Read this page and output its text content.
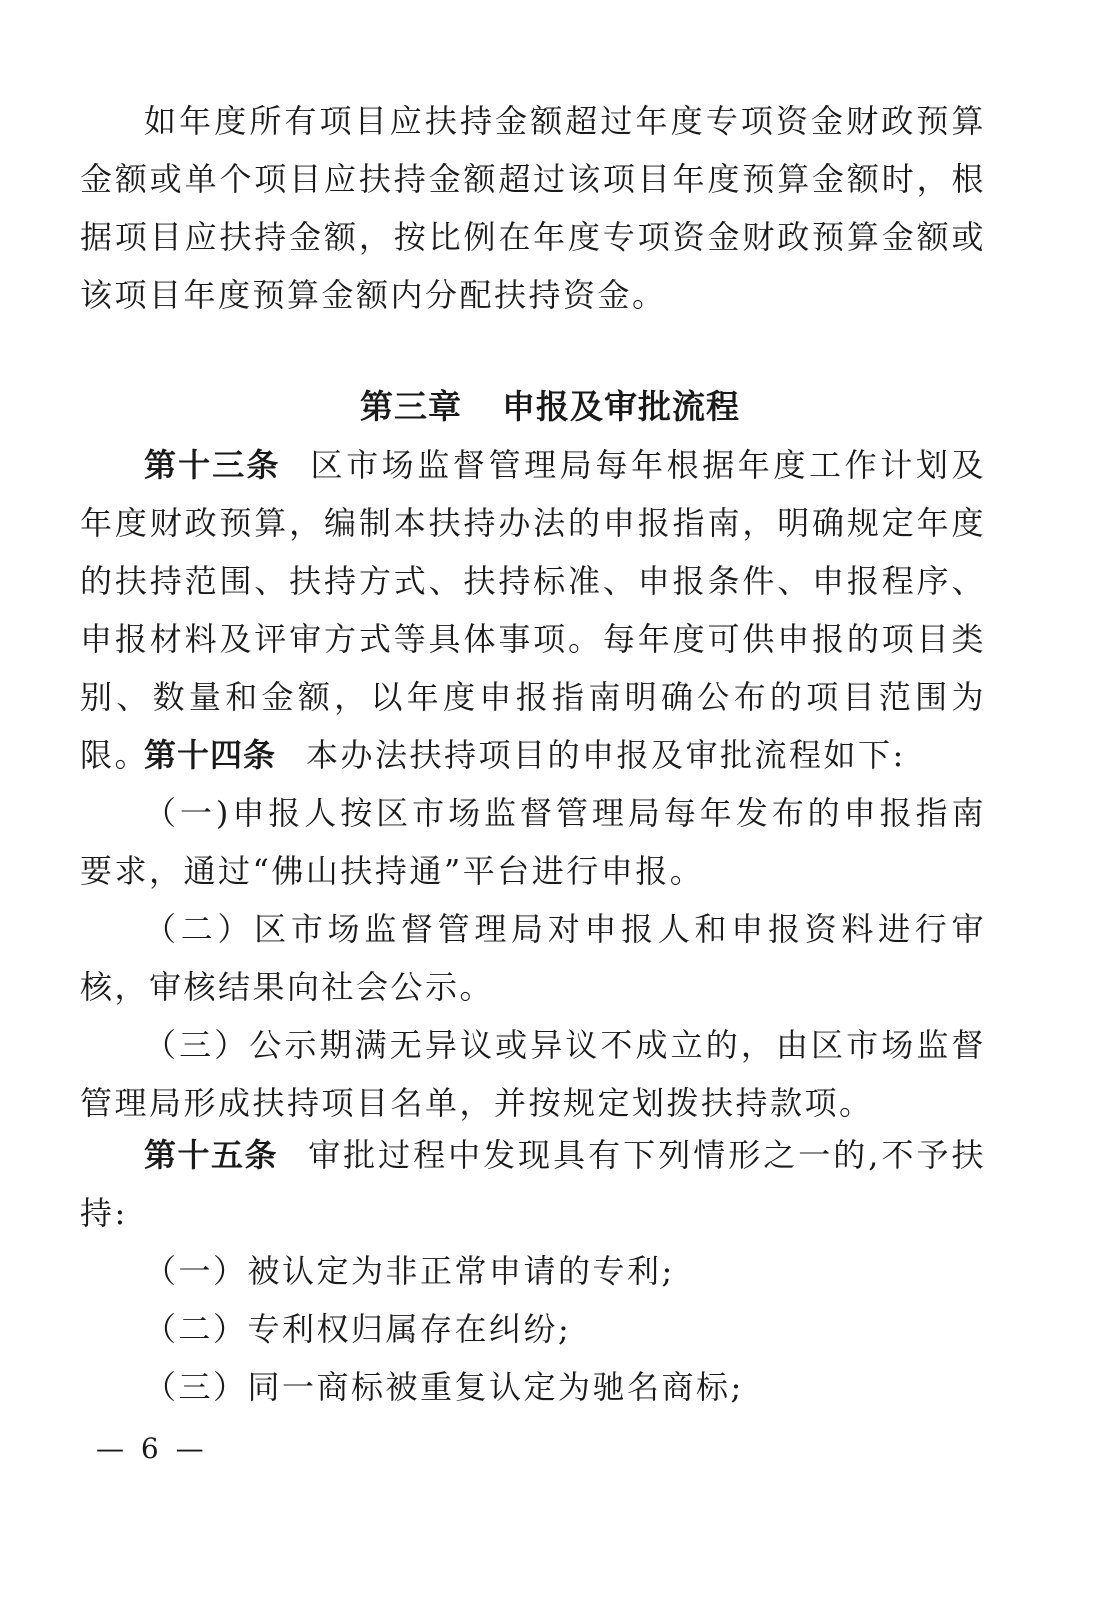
如年度所有项目应扶持金额超过年度专项资金财政预算金额或单个项目应扶持金额超过该项目年度预算金额时，根据项目应扶持金额，按比例在年度专项资金财政预算金额或该项目年度预算金额内分配扶持资金。

第三章 申报及审批流程

第十三条 区市场监督管理局每年根据年度工作计划及年度财政预算，编制本扶持办法的申报指南，明确规定年度的扶持范围、扶持方式、扶持标准、申报条件、申报程序、申报材料及评审方式等具体事项。每年度可供申报的项目类别、数量和金额，以年度申报指南明确公布的项目范围为限。

第十四条 本办法扶持项目的申报及审批流程如下:

（一)申报人按区市场监督管理局每年发布的申报指南要求，通过“佛山扶持通”平台进行申报。

（二）区市场监督管理局对申报人和申报资料进行审核，审核结果向社会公示。

（三）公示期满无异议或异议不成立的，由区市场监督管理局形成扶持项目名单，并按规定划拨扶持款项。

第十五条 审批过程中发现具有下列情形之一的,不予扶持:

（一）被认定为非正常申请的专利;

（二）专利权归属存在纠纷;

（三）同一商标被重复认定为驰名商标;

— 6 —
